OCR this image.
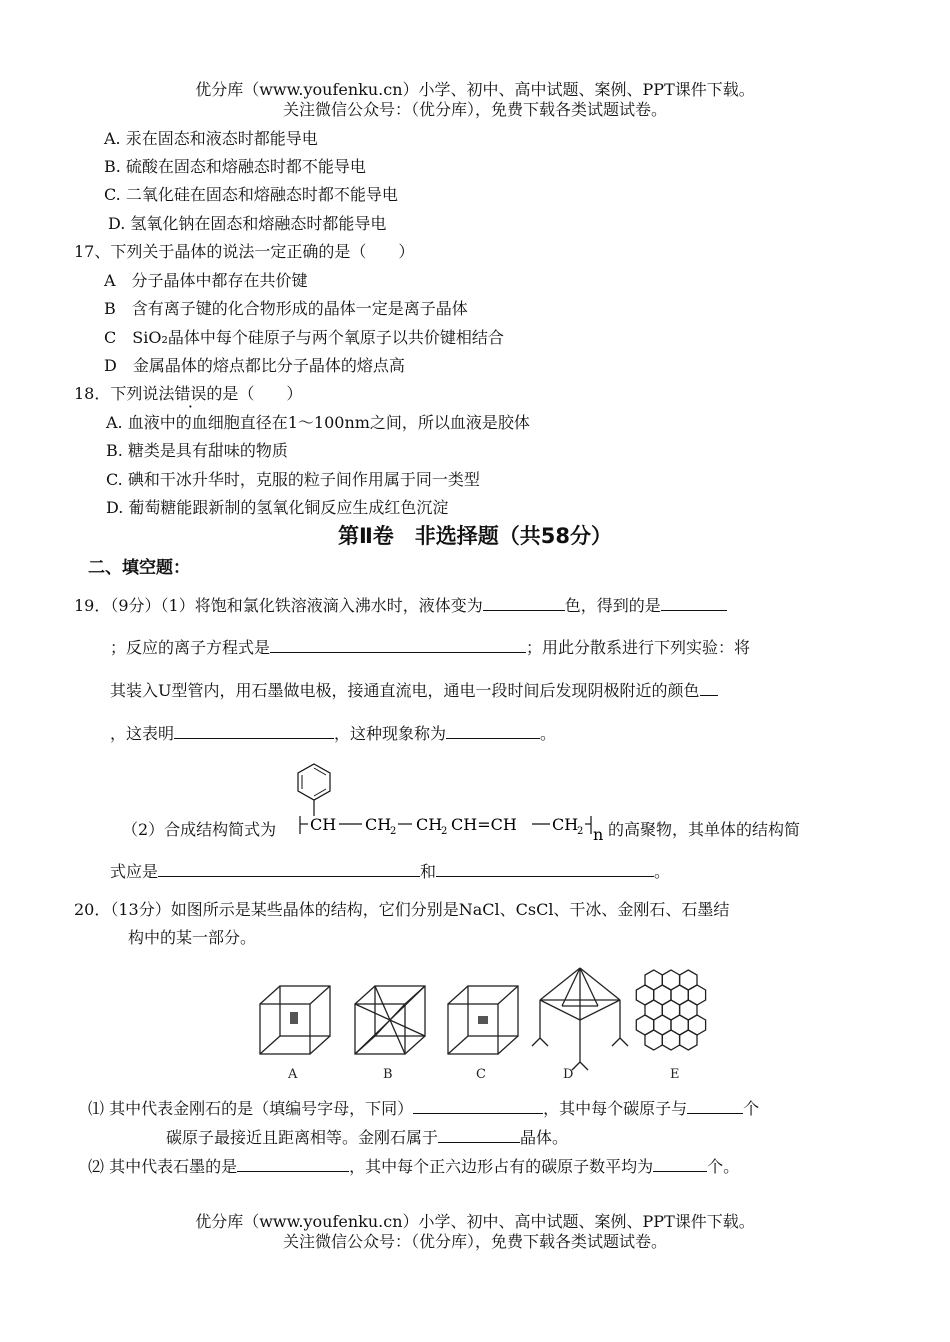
优分库（www.youfenku.cn）小学、初中、高中试题、案例、PPT课件下载。
关注微信公众号：（优分库），免费下载各类试题试卷。
A. 汞在固态和液态时都能导电
B. 硫酸在固态和熔融态时都不能导电
C. 二氧化硅在固态和熔融态时都不能导电
D. 氢氧化钠在固态和熔融态时都能导电
17、下列关于晶体的说法一定正确的是（　　）
A　分子晶体中都存在共价键
B　含有离子键的化合物形成的晶体一定是离子晶体
C　SiO₂晶体中每个硅原子与两个氧原子以共价键相结合
D　金属晶体的熔点都比分子晶体的熔点高
18．下列说法错误的是（　　）
A. 血液中的血细胞直径在1～100nm之间，所以血液是胶体
B. 糖类是具有甜味的物质
C. 碘和干冰升华时，克服的粒子间作用属于同一类型
D. 葡萄糖能跟新制的氢氧化铜反应生成红色沉淀
第Ⅱ卷　非选择题（共58分）
二、填空题：
19．（9分）（1）将饱和氯化铁溶液滴入沸水时，液体变为	色，得到的是
；反应的离子方程式是	；用此分散系进行下列实验：将
其装入U型管内，用石墨做电极，接通直流电，通电一段时间后发现阴极附近的颜色
，这表明	，这种现象称为	。
（2）合成结构简式为 CH CH
2 CH
2 CH=CH CH
2 n 的高聚物，其单体的结构简
式应是	和	。
20．（13分）如图所示是某些晶体的结构，它们分别是NaCl、CsCl、干冰、金刚石、石墨结
构中的某一部分。
A	B	C	D	E
⑴ 其中代表金刚石的是（填编号字母，下同）	，其中每个碳原子与	个
碳原子最接近且距离相等。金刚石属于	晶体。
⑵ 其中代表石墨的是	，其中每个正六边形占有的碳原子数平均为	个。
优分库（www.youfenku.cn）小学、初中、高中试题、案例、PPT课件下载。
关注微信公众号：（优分库），免费下载各类试题试卷。
